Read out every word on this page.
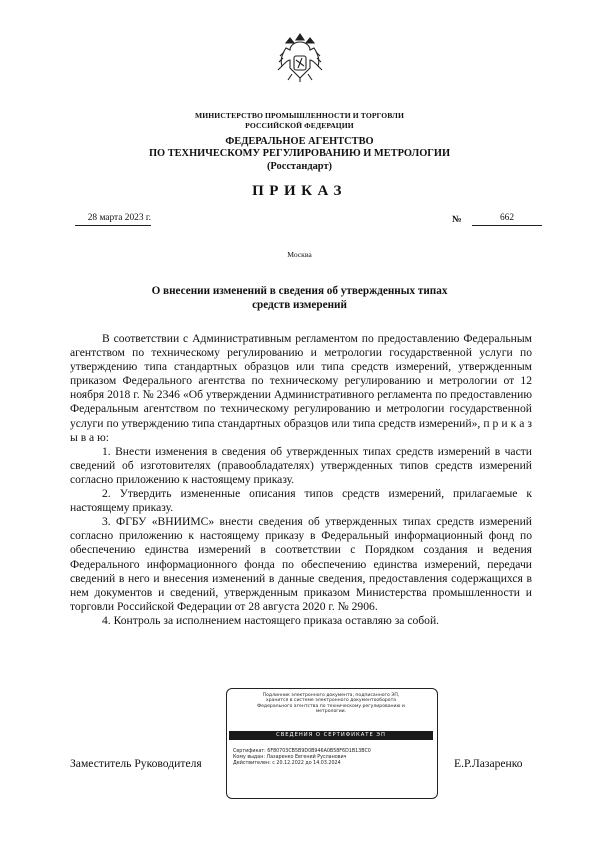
МИНИСТЕРСТВО ПРОМЫШЛЕННОСТИ И ТОРГОВЛИ
РОССИЙСКОЙ ФЕДЕРАЦИИ
ФЕДЕРАЛЬНОЕ АГЕНТСТВО
ПО ТЕХНИЧЕСКОМУ РЕГУЛИРОВАНИЮ И МЕТРОЛОГИИ
(Росстандарт)
ПРИКАЗ
28 марта 2023 г.	№	662
Москва
О внесении изменений в сведения об утвержденных типах
средств измерений

В соответствии с Административным регламентом по предоставлению Федеральным агентством по техническому регулированию и метрологии государственной услуги по утверждению типа стандартных образцов или типа средств измерений, утвержденным приказом Федерального агентства по техническому регулированию и метрологии от 12 ноября 2018 г. № 2346 «Об утверждении Административного регламента по предоставлению Федеральным агентством по техническому регулированию и метрологии государственной услуги по утверждению типа стандартных образцов или типа средств измерений», п р и к а з ы в а ю:

1. Внести изменения в сведения об утвержденных типах средств измерений в части сведений об изготовителях (правообладателях) утвержденных типов средств измерений согласно приложению к настоящему приказу.

2. Утвердить измененные описания типов средств измерений, прилагаемые к настоящему приказу.

3. ФГБУ «ВНИИМС» внести сведения об утвержденных типах средств измерений согласно приложению к настоящему приказу в Федеральный информационный фонд по обеспечению единства измерений в соответствии с Порядком создания и ведения Федерального информационного фонда по обеспечению единства измерений, передачи сведений в него и внесения изменений в данные сведения, предоставления содержащихся в нем документов и сведений, утвержденным приказом Министерства промышленности и торговли Российской Федерации от 28 августа 2020 г. № 2906.

4. Контроль за исполнением настоящего приказа оставляю за собой.

Заместитель Руководителя	Е.Р.Лазаренко
Подлинник электронного документа, подписанного ЭП,
хранится в системе электронного документооборота
Федерального агентства по техническому регулированию и
метрологии.
СВЕДЕНИЯ О СЕРТИФИКАТЕ ЭП
Сертификат: 6F80703CB5B9D0B946A0B58F6D1B13BC0
Кому выдан: Лазаренко Евгений Русланович
Действителен: с 20.12.2022 до 14.03.2024
